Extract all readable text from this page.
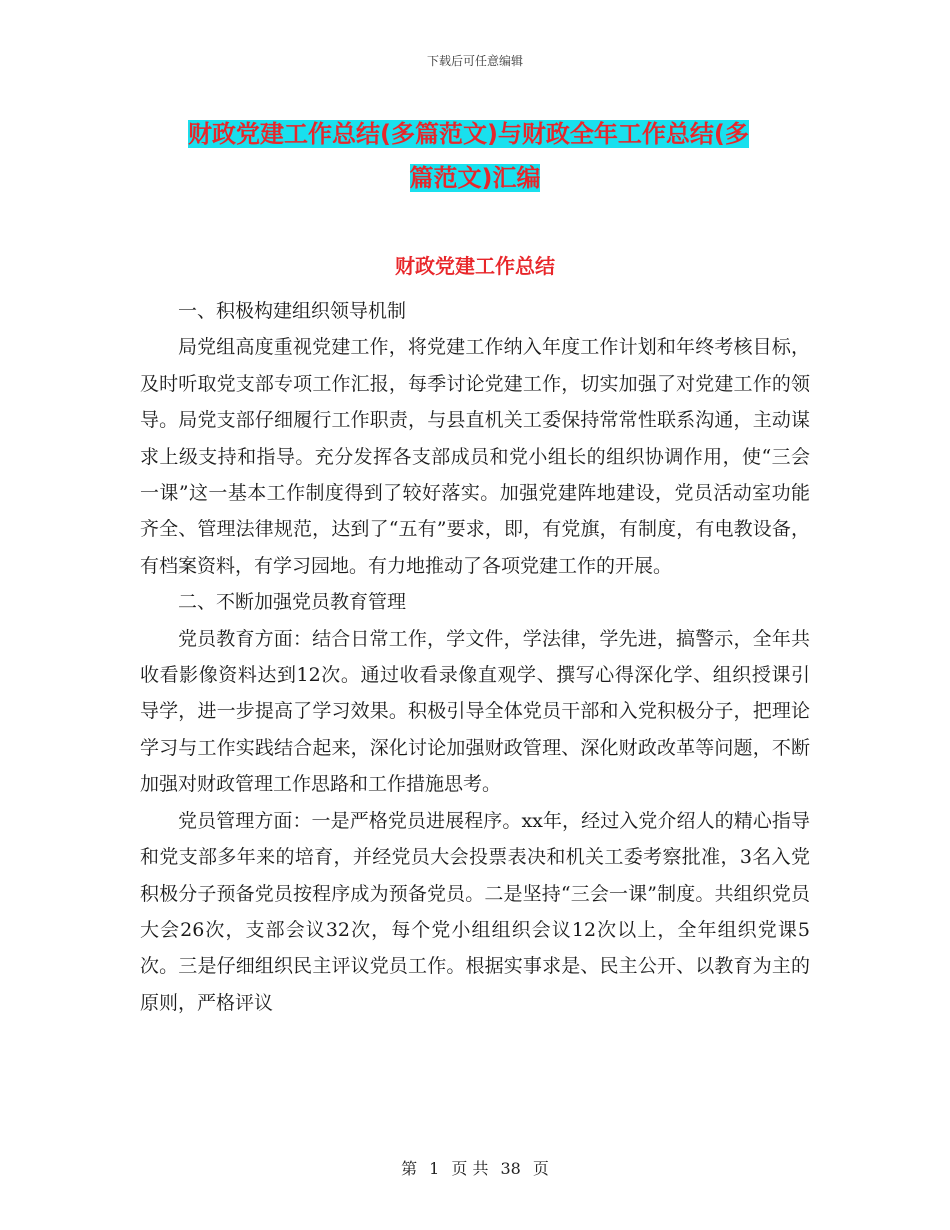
下载后可任意编辑
财政党建工作总结(多篇范文)与财政全年工作总结(多
篇范文)汇编
财政党建工作总结

一、积极构建组织领导机制

局党组高度重视党建工作，将党建工作纳入年度工作计划和年终考核目标，及时听取党支部专项工作汇报，每季讨论党建工作，切实加强了对党建工作的领导。局党支部仔细履行工作职责，与县直机关工委保持常常性联系沟通，主动谋求上级支持和指导。充分发挥各支部成员和党小组长的组织协调作用，使“三会一课”这一基本工作制度得到了较好落实。加强党建阵地建设，党员活动室功能齐全、管理法律规范，达到了“五有”要求，即，有党旗，有制度，有电教设备，有档案资料，有学习园地。有力地推动了各项党建工作的开展。

二、不断加强党员教育管理

党员教育方面：结合日常工作，学文件，学法律，学先进，搞警示，全年共收看影像资料达到12次。通过收看录像直观学、撰写心得深化学、组织授课引导学，进一步提高了学习效果。积极引导全体党员干部和入党积极分子，把理论学习与工作实践结合起来，深化讨论加强财政管理、深化财政改革等问题，不断加强对财政管理工作思路和工作措施思考。

党员管理方面：一是严格党员进展程序。xx年，经过入党介绍人的精心指导和党支部多年来的培育，并经党员大会投票表决和机关工委考察批准，3名入党积极分子预备党员按程序成为预备党员。二是坚持“三会一课”制度。共组织党员大会26次，支部会议32次，每个党小组组织会议12次以上，全年组织党课5次。三是仔细组织民主评议党员工作。根据实事求是、民主公开、以教育为主的原则，严格评议

第 1 页 共 38 页
